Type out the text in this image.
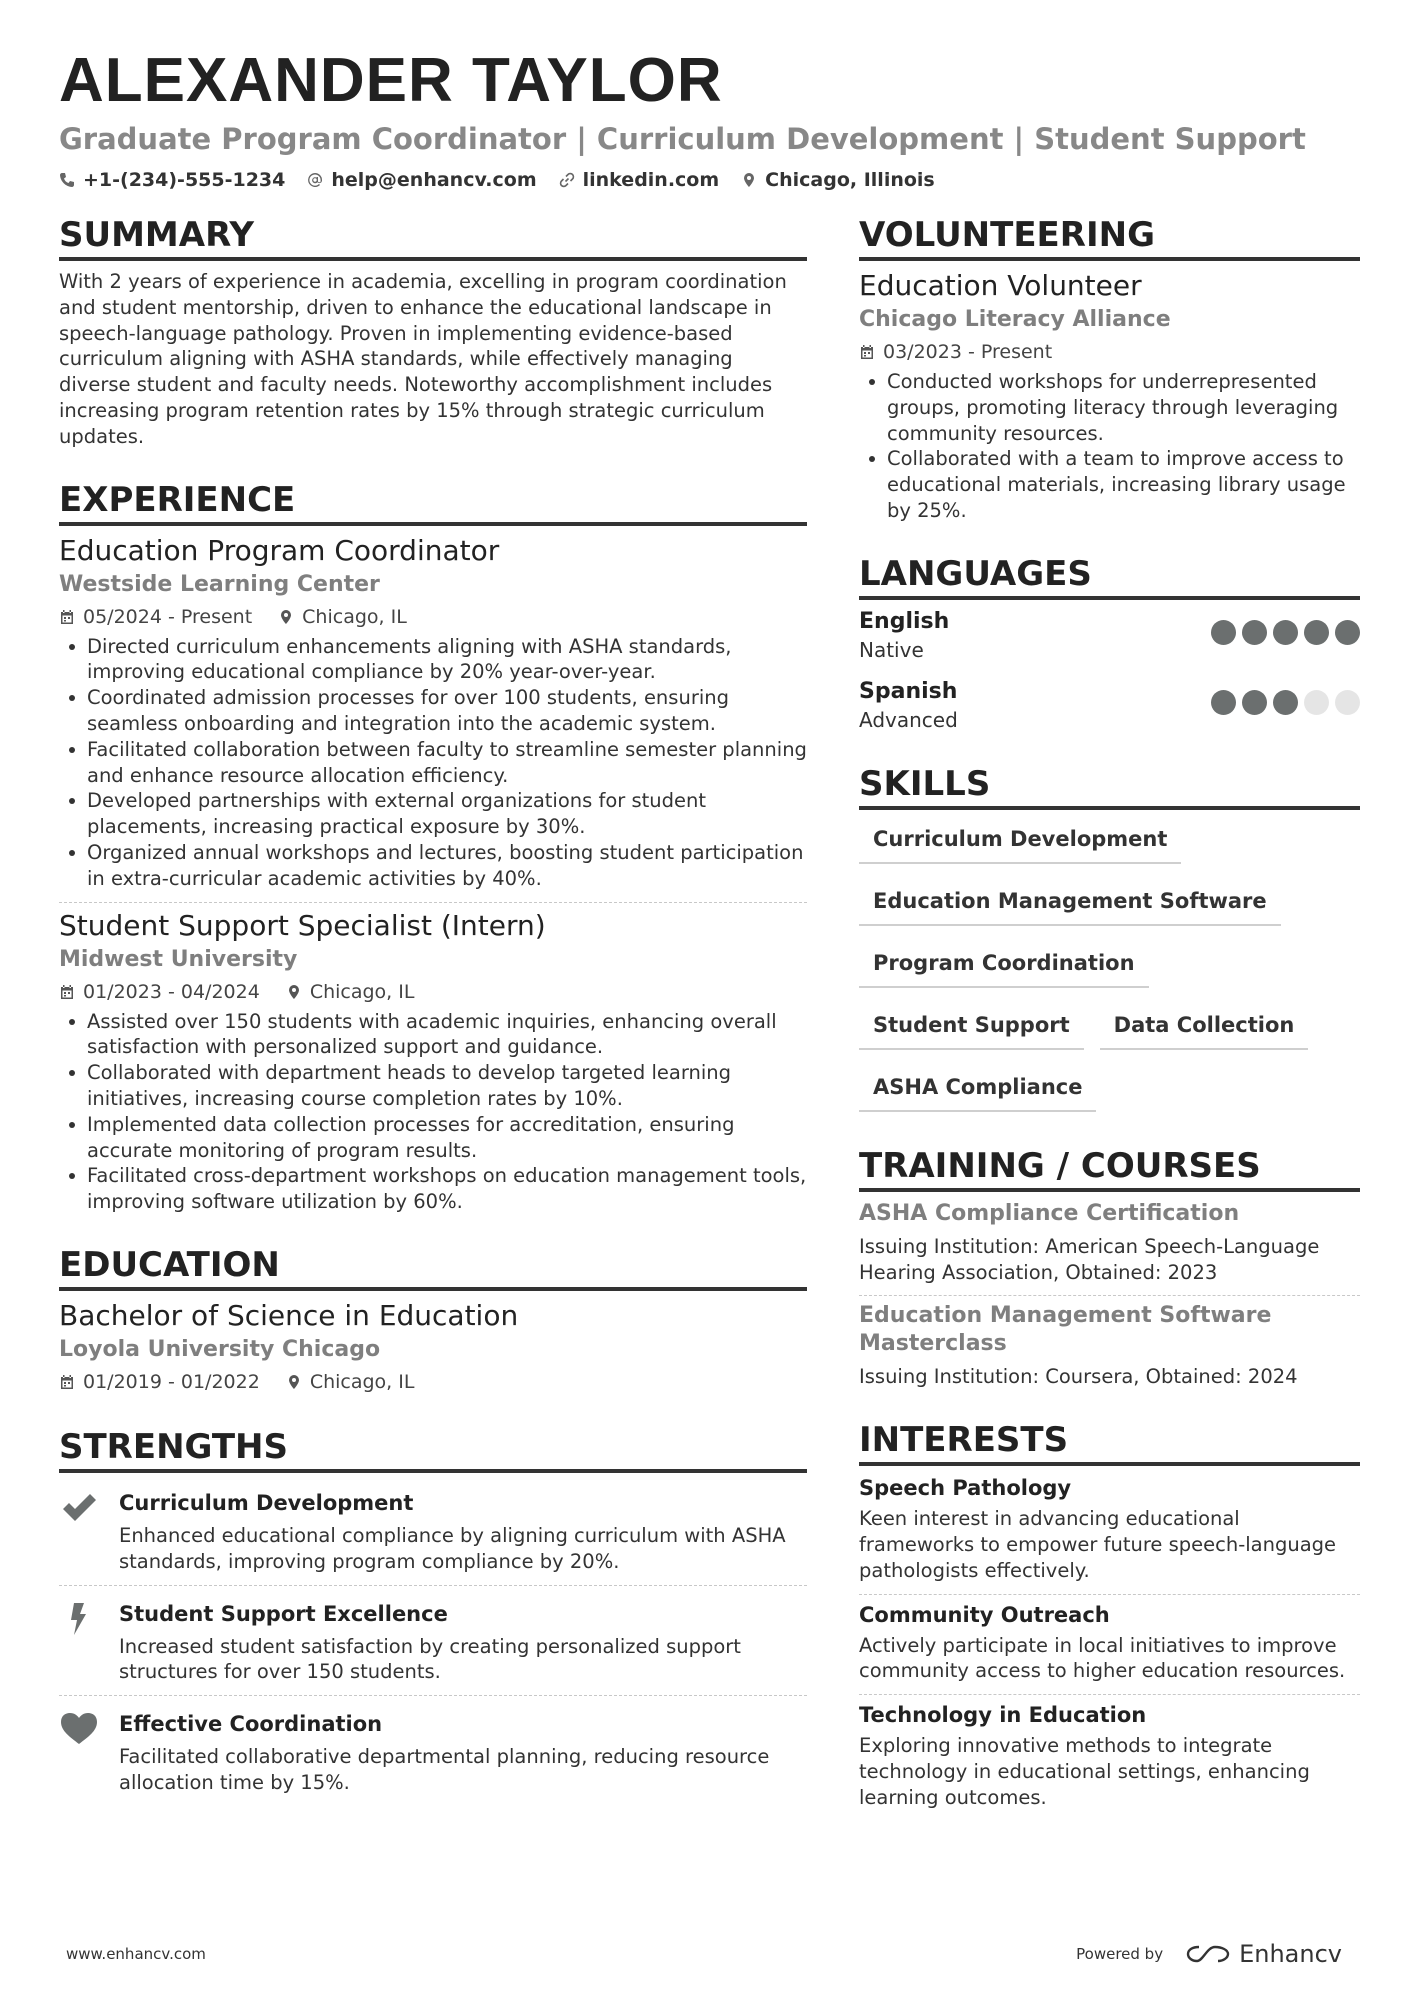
ALEXANDER TAYLOR
Graduate Program Coordinator | Curriculum Development | Student Support
+1-(234)-555-1234 help@enhancv.com linkedin.com Chicago, Illinois
SUMMARY
With 2 years of experience in academia, excelling in program coordination and student mentorship, driven to enhance the educational landscape in speech-language pathology. Proven in implementing evidence-based curriculum aligning with ASHA standards, while effectively managing diverse student and faculty needs. Noteworthy accomplishment includes increasing program retention rates by 15% through strategic curriculum updates.
EXPERIENCE
Education Program Coordinator
Westside Learning Center
05/2024 - Present	Chicago, IL
Directed curriculum enhancements aligning with ASHA standards, improving educational compliance by 20% year-over-year.
Coordinated admission processes for over 100 students, ensuring seamless onboarding and integration into the academic system.
Facilitated collaboration between faculty to streamline semester planning and enhance resource allocation efficiency.
Developed partnerships with external organizations for student placements, increasing practical exposure by 30%.
Organized annual workshops and lectures, boosting student participation in extra-curricular academic activities by 40%.
Student Support Specialist (Intern)
Midwest University
01/2023 - 04/2024	Chicago, IL
Assisted over 150 students with academic inquiries, enhancing overall satisfaction with personalized support and guidance.
Collaborated with department heads to develop targeted learning initiatives, increasing course completion rates by 10%.
Implemented data collection processes for accreditation, ensuring accurate monitoring of program results.
Facilitated cross-department workshops on education management tools, improving software utilization by 60%.
EDUCATION
Bachelor of Science in Education
Loyola University Chicago
01/2019 - 01/2022	Chicago, IL
STRENGTHS
Curriculum Development
Enhanced educational compliance by aligning curriculum with ASHA standards, improving program compliance by 20%.
Student Support Excellence
Increased student satisfaction by creating personalized support structures for over 150 students.
Effective Coordination
Facilitated collaborative departmental planning, reducing resource allocation time by 15%.
VOLUNTEERING
Education Volunteer
Chicago Literacy Alliance
03/2023 - Present
Conducted workshops for underrepresented groups, promoting literacy through leveraging community resources.
Collaborated with a team to improve access to educational materials, increasing library usage by 25%.
LANGUAGES
English
Native
Spanish
Advanced
SKILLS
Curriculum Development
Education Management Software
Program Coordination
Student Support	Data Collection
ASHA Compliance
TRAINING / COURSES
ASHA Compliance Certification
Issuing Institution: American Speech-Language Hearing Association, Obtained: 2023
Education Management Software Masterclass
Issuing Institution: Coursera, Obtained: 2024
INTERESTS
Speech Pathology
Keen interest in advancing educational frameworks to empower future speech-language pathologists effectively.
Community Outreach
Actively participate in local initiatives to improve community access to higher education resources.
Technology in Education
Exploring innovative methods to integrate technology in educational settings, enhancing learning outcomes.
www.enhancv.com	Powered by	Enhancv
